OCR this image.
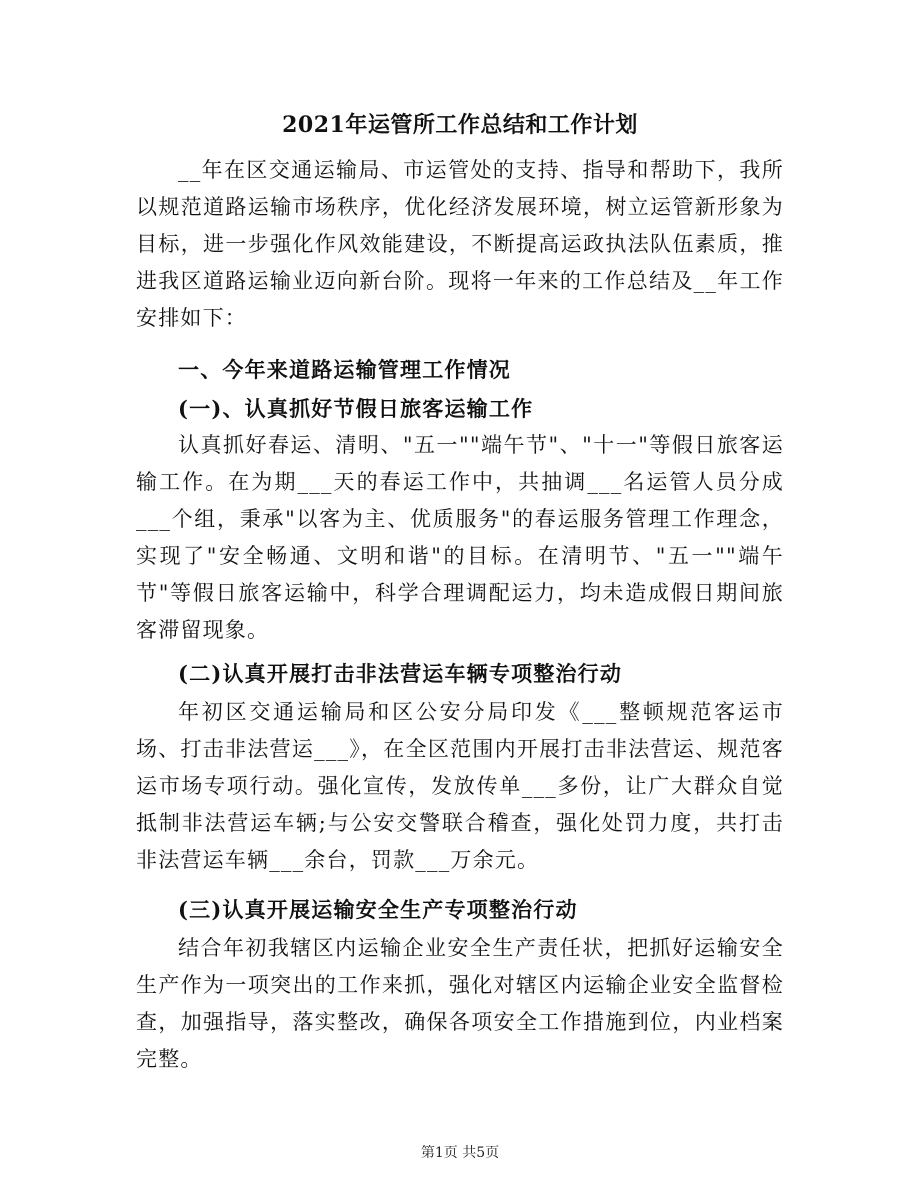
2021年运管所工作总结和工作计划

__年在区交通运输局、市运管处的支持、指导和帮助下，我所以规范道路运输市场秩序，优化经济发展环境，树立运管新形象为目标，进一步强化作风效能建设，不断提高运政执法队伍素质，推进我区道路运输业迈向新台阶。现将一年来的工作总结及__年工作安排如下：

一、今年来道路运输管理工作情况

(一)、认真抓好节假日旅客运输工作

认真抓好春运、清明、"五一""端午节"、"十一"等假日旅客运输工作。在为期___天的春运工作中，共抽调___名运管人员分成___个组，秉承"以客为主、优质服务"的春运服务管理工作理念，实现了"安全畅通、文明和谐"的目标。在清明节、"五一""端午节"等假日旅客运输中，科学合理调配运力，均未造成假日期间旅客滞留现象。

(二)认真开展打击非法营运车辆专项整治行动

年初区交通运输局和区公安分局印发《___整顿规范客运市场、打击非法营运___》，在全区范围内开展打击非法营运、规范客运市场专项行动。强化宣传，发放传单___多份，让广大群众自觉抵制非法营运车辆;与公安交警联合稽查，强化处罚力度，共打击非法营运车辆___余台，罚款___万余元。

(三)认真开展运输安全生产专项整治行动

结合年初我辖区内运输企业安全生产责任状，把抓好运输安全生产作为一项突出的工作来抓，强化对辖区内运输企业安全监督检查，加强指导，落实整改，确保各项安全工作措施到位，内业档案完整。

第1页 共5页
